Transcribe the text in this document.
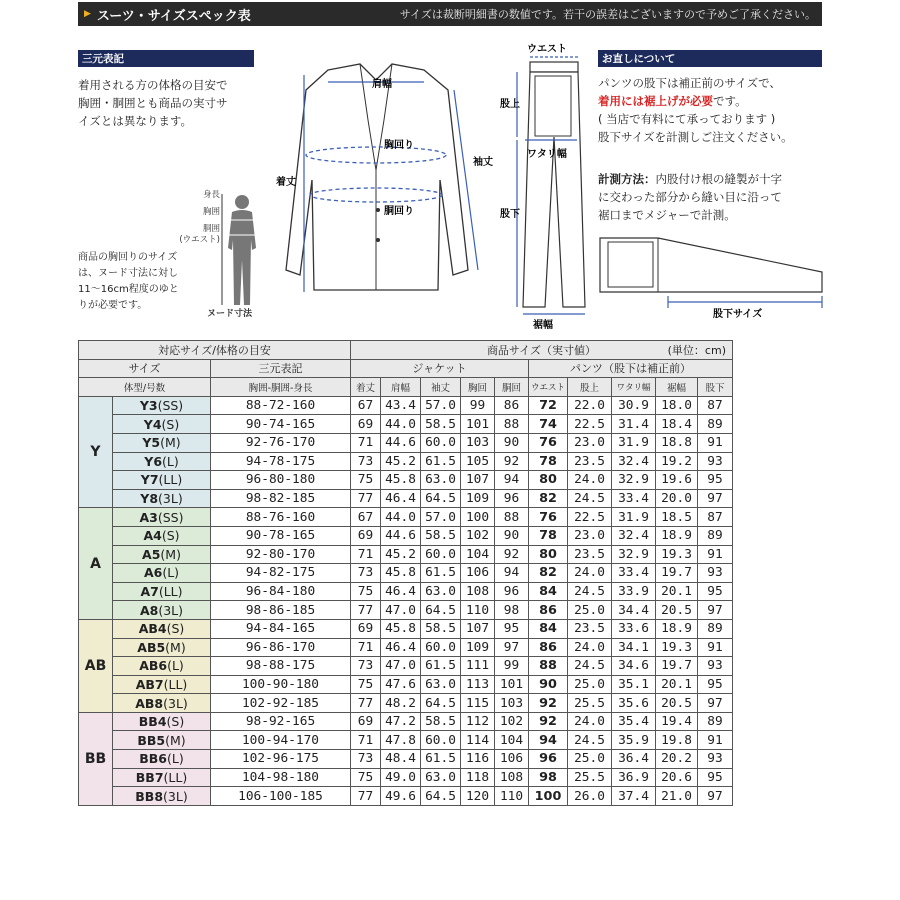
▶ スーツ・サイズスペック表	サイズは裁断明細書の数値です。若干の誤差はございますので予めご了承ください。
三元表記
着用される方の体格の目安で
胸囲・胴囲とも商品の実寸サ
イズとは異なります。
身長
胸囲
胴囲
(ウエスト)
ヌード寸法
商品の胸回りのサイズ
は、ヌード寸法に対し
11〜16cm程度のゆと
りが必要です。
肩幅
胸回り
胴回り
着丈
袖丈
ウエスト
股上
ワタリ幅
股下
裾幅
お直しについて
パンツの股下は補正前のサイズで、
着用には裾上げが必要です。
( 当店で有料にて承っております )
股下サイズを計測しご注文ください。
計測方法：内股付け根の縫製が十字
に交わった部分から縫い目に沿って
裾口までメジャーで計測。
股下サイズ
対応サイズ/体格の目安			商品サイズ（実寸値） (単位：cm)									

サイズ		三元表記	ジャケット					パンツ（股下は補正前）				
体型/号数		胸囲-胴囲-身長	着丈	肩幅	袖丈	胸回	胴回	ウエスト	股上	ワタリ幅	裾幅	股下
Y	Y3(SS)	88-72-160	67	43.4	57.0	99	86	72	22.0	30.9	18.0	87
	Y4(S)	90-74-165	69	44.0	58.5	101	88	74	22.5	31.4	18.4	89
	Y5(M)	92-76-170	71	44.6	60.0	103	90	76	23.0	31.9	18.8	91
	Y6(L)	94-78-175	73	45.2	61.5	105	92	78	23.5	32.4	19.2	93
	Y7(LL)	96-80-180	75	45.8	63.0	107	94	80	24.0	32.9	19.6	95
	Y8(3L)	98-82-185	77	46.4	64.5	109	96	82	24.5	33.4	20.0	97
A	A3(SS)	88-76-160	67	44.0	57.0	100	88	76	22.5	31.9	18.5	87
	A4(S)	90-78-165	69	44.6	58.5	102	90	78	23.0	32.4	18.9	89
	A5(M)	92-80-170	71	45.2	60.0	104	92	80	23.5	32.9	19.3	91
	A6(L)	94-82-175	73	45.8	61.5	106	94	82	24.0	33.4	19.7	93
	A7(LL)	96-84-180	75	46.4	63.0	108	96	84	24.5	33.9	20.1	95
	A8(3L)	98-86-185	77	47.0	64.5	110	98	86	25.0	34.4	20.5	97
AB	AB4(S)	94-84-165	69	45.8	58.5	107	95	84	23.5	33.6	18.9	89
	AB5(M)	96-86-170	71	46.4	60.0	109	97	86	24.0	34.1	19.3	91
	AB6(L)	98-88-175	73	47.0	61.5	111	99	88	24.5	34.6	19.7	93
	AB7(LL)	100-90-180	75	47.6	63.0	113	101	90	25.0	35.1	20.1	95
	AB8(3L)	102-92-185	77	48.2	64.5	115	103	92	25.5	35.6	20.5	97
BB	BB4(S)	98-92-165	69	47.2	58.5	112	102	92	24.0	35.4	19.4	89
	BB5(M)	100-94-170	71	47.8	60.0	114	104	94	24.5	35.9	19.8	91
	BB6(L)	102-96-175	73	48.4	61.5	116	106	96	25.0	36.4	20.2	93
	BB7(LL)	104-98-180	75	49.0	63.0	118	108	98	25.5	36.9	20.6	95
	BB8(3L)	106-100-185	77	49.6	64.5	120	110	100	26.0	37.4	21.0	97
